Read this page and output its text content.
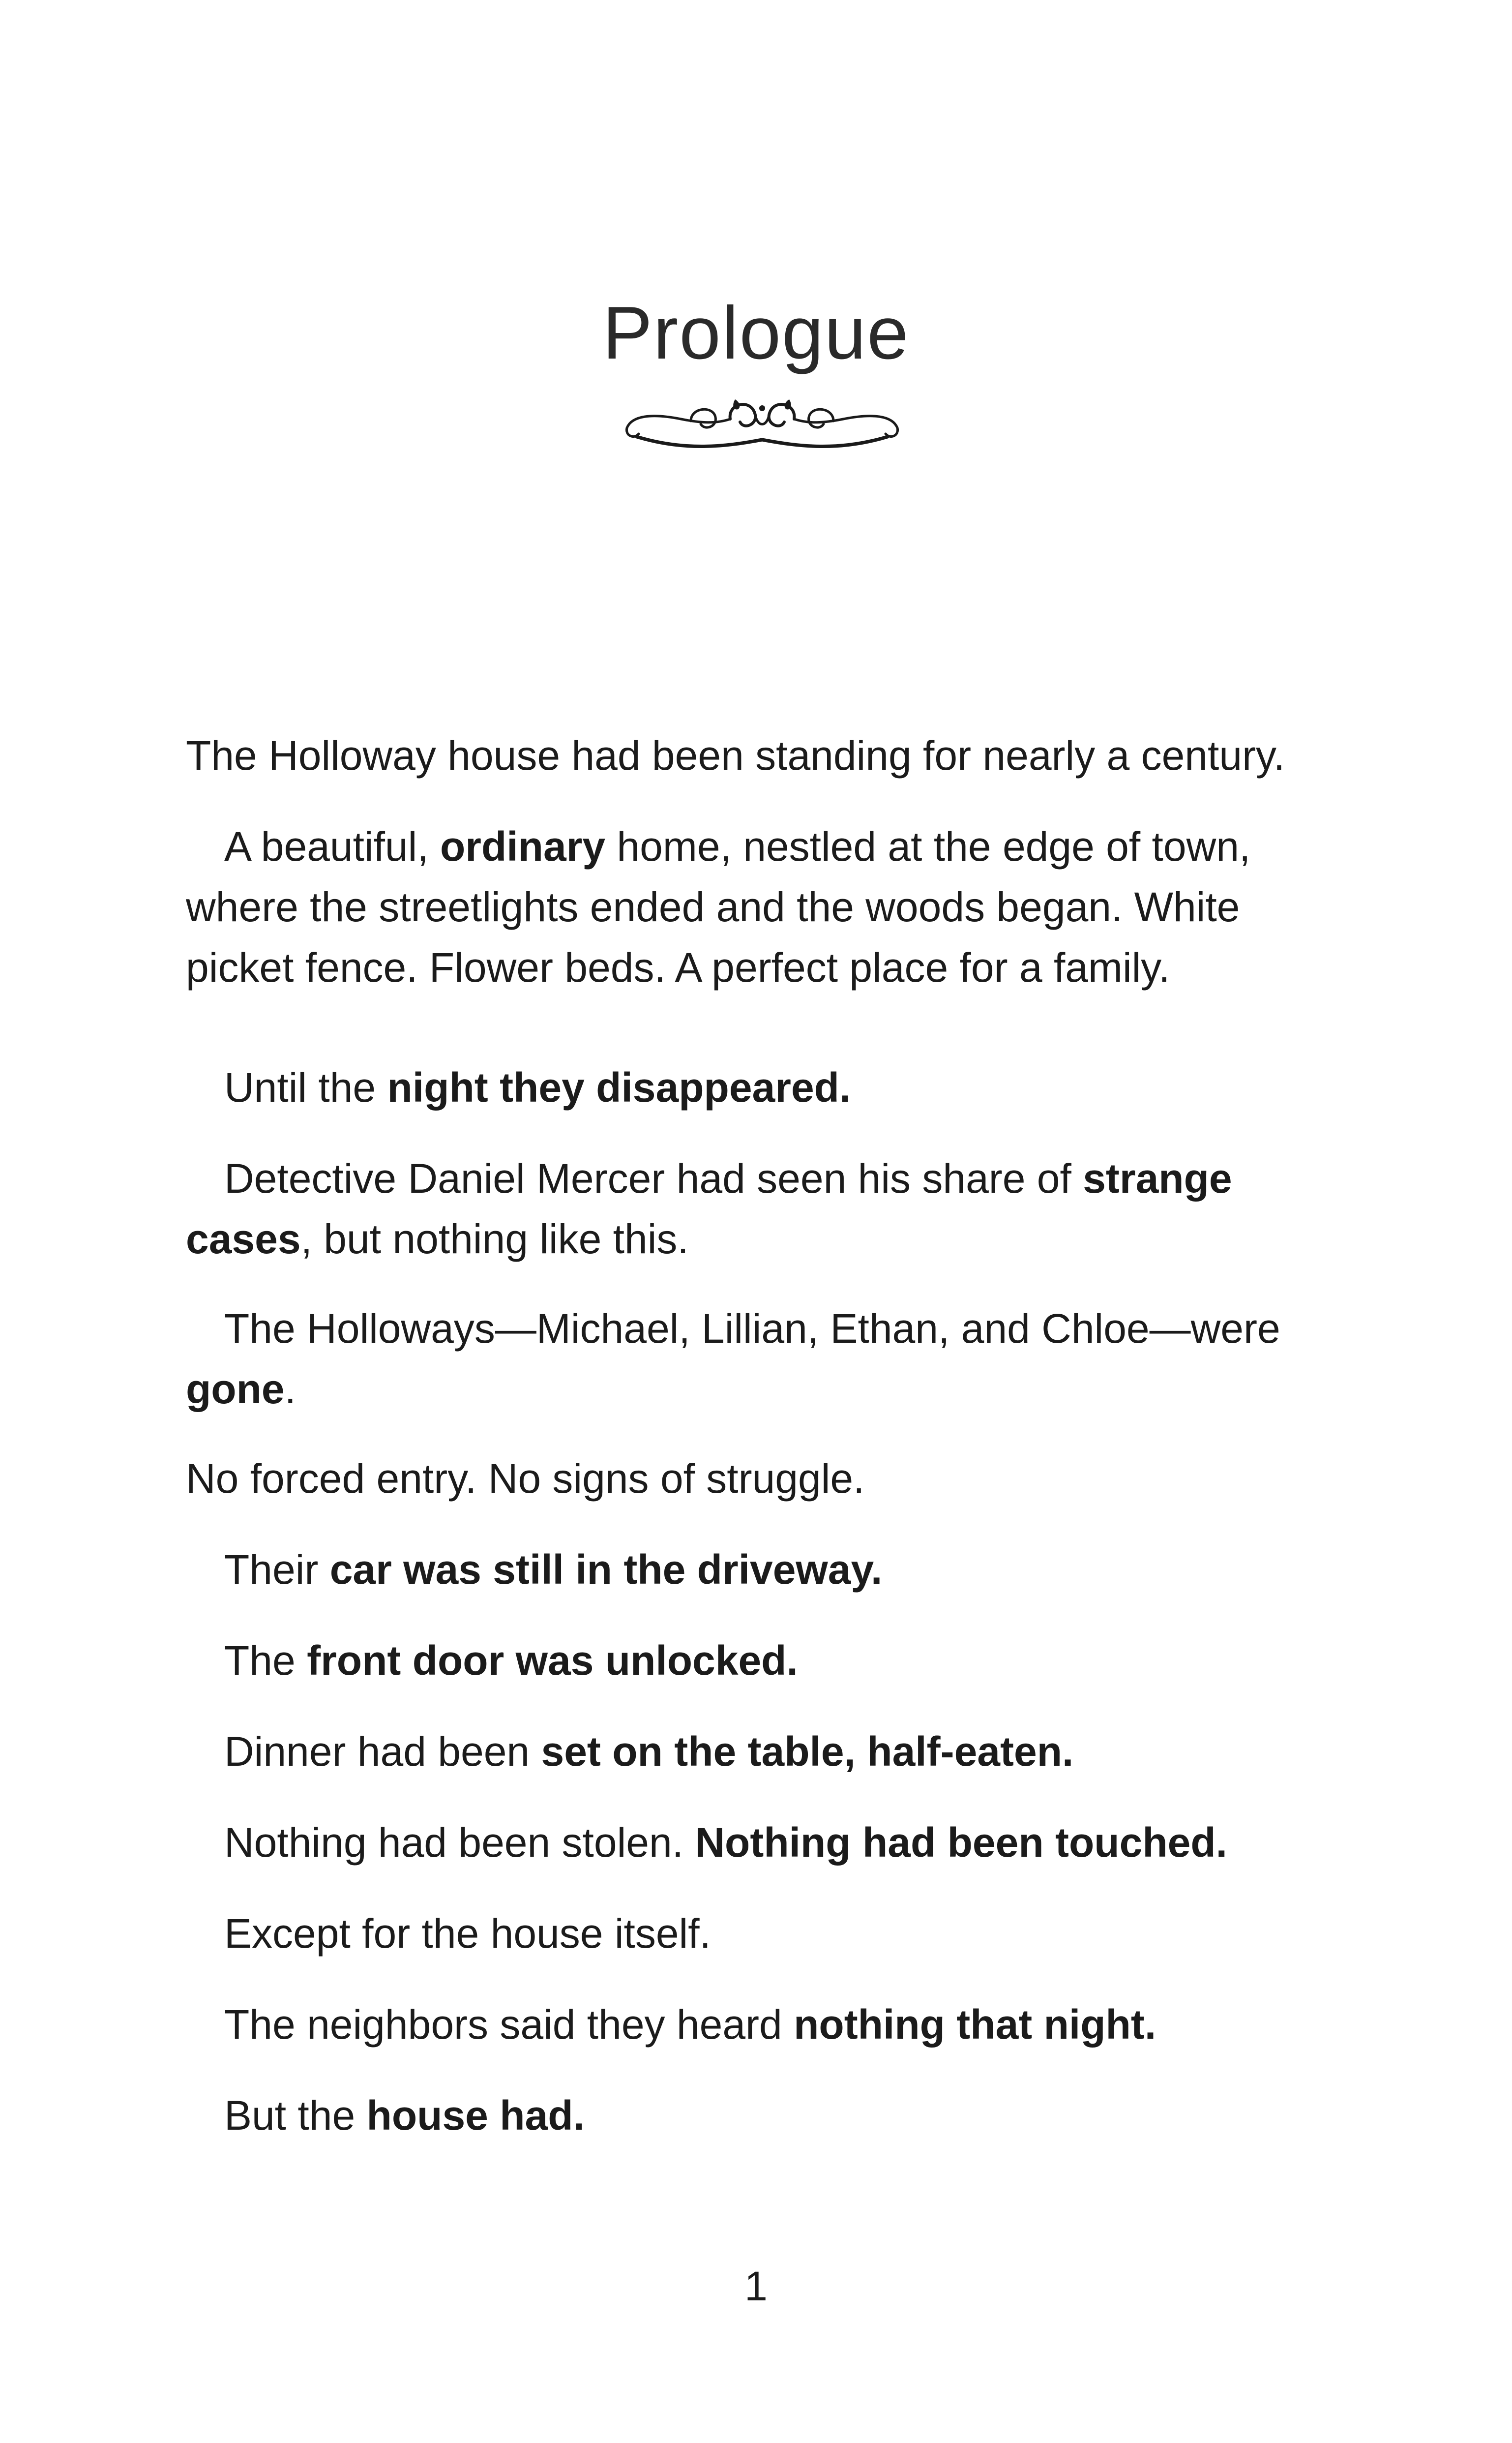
Prologue

The Holloway house had been standing for nearly a century.

A beautiful, ordinary home, nestled at the edge of town, where the streetlights ended and the woods began. White picket fence. Flower beds. A perfect place for a family.

Until the night they disappeared.

Detective Daniel Mercer had seen his share of strange cases, but nothing like this.

The Holloways—Michael, Lillian, Ethan, and Chloe—were gone.

No forced entry. No signs of struggle.

Their car was still in the driveway.

The front door was unlocked.

Dinner had been set on the table, half-eaten.

Nothing had been stolen. Nothing had been touched.

Except for the house itself.

The neighbors said they heard nothing that night.

But the house had.

1
